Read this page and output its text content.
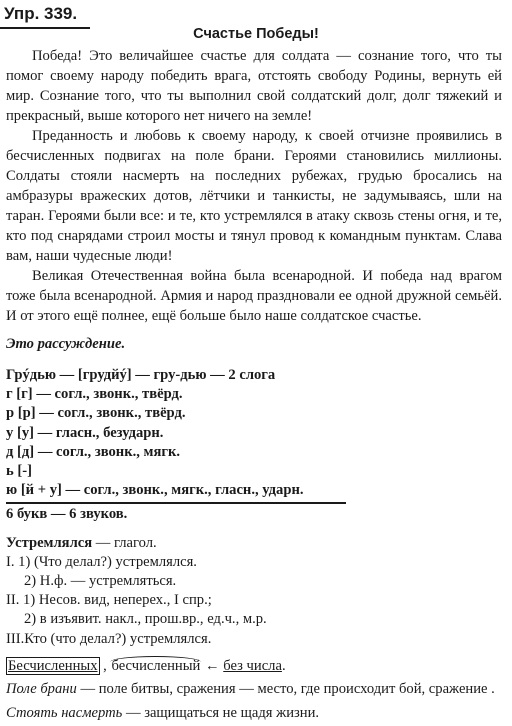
Упр. 339.
Счастье Победы!

Победа! Это величайшее счастье для солдата — сознание того, что ты помог своему народу победить врага, отстоять свободу Родины, вернуть ей мир. Сознание того, что ты выполнил свой солдатский долг, долг тяжекий и прекрасный, выше которого нет ничего на земле!

Преданность и любовь к своему народу, к своей отчизне проявились в бесчисленных подвигах на поле брани. Героями становились миллионы. Солдаты стояли насмерть на последних рубежах, грудью бросались на амбразуры вражеских дотов, лётчики и танкисты, не задумываясь, шли на таран. Героями были все: и те, кто устремлялся в атаку сквозь стены огня, и те, кто под снарядами строил мосты и тянул провод к командным пунктам. Слава вам, наши чудесные люди!

Великая Отечественная война была всенародной. И победа над врагом тоже была всенародной. Армия и народ праздновали ее одной дружной семьёй. И от этого ещё полнее, ещё больше было наше солдатское счастье.

Это рассуждение.

Грýдью — [грудйý] — гру-дью — 2 слога
г [г] — согл., звонк., твёрд.
р [р] — согл., звонк., твёрд.
у [у] — гласн., безударн.
д [д] — согл., звонк., мягк.
ь [-]
ю [й + у] — согл., звонк., мягк., гласн., ударн.
6 букв — 6 звуков.
Устремлялся — глагол.
I. 1) (Что делал?) устремлялся.
2) Н.ф. — устремляться.
II. 1) Несов. вид, неперех., I спр.;
2) в изъявит. накл., прош.вр., ед.ч., м.р.
III.Кто (что делал?) устремлялся.
Бесчисленных , бесчисленный ← без числа.
Поле брани — поле битвы, сражения — место, где происходит бой, сражение .
Стоять насмерть — защищаться не щадя жизни.
